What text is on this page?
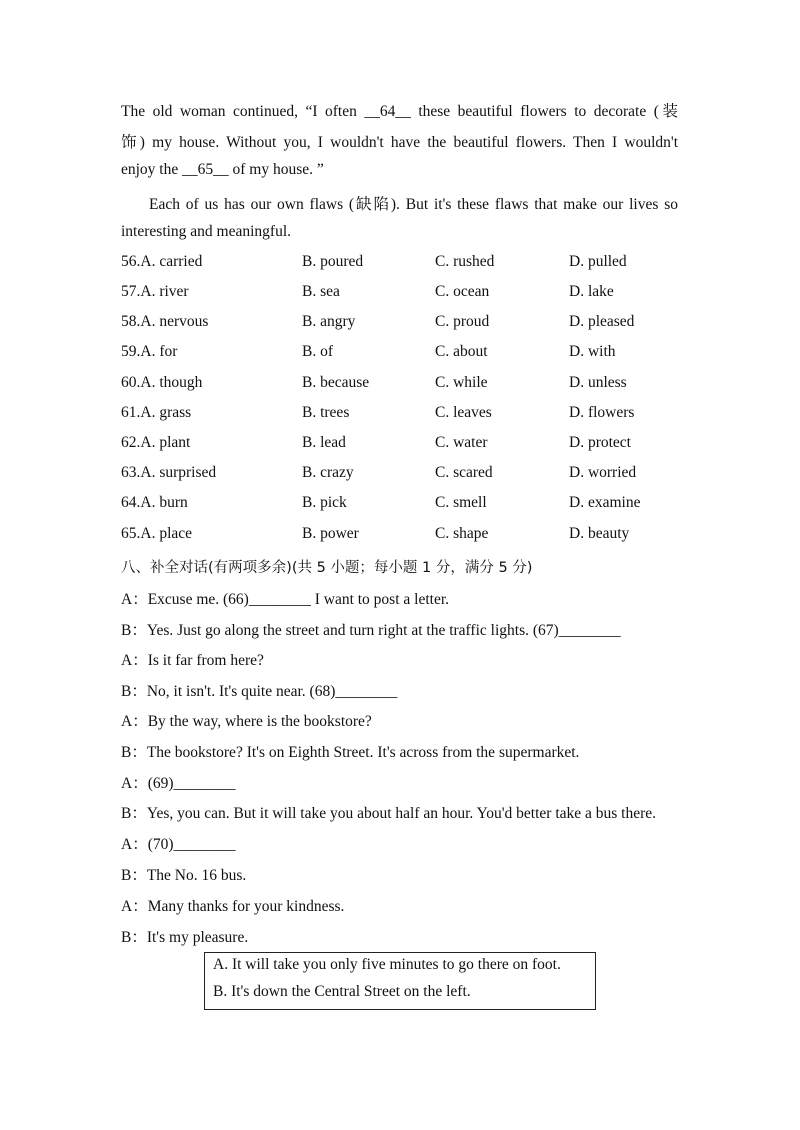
The old woman continued, “I often __64__ these beautiful flowers to decorate (装
饰) my house. Without you, I wouldn't have the beautiful flowers. Then I wouldn't
enjoy the __65__ of my house. ”
Each of us has our own flaws (缺陷). But it's these flaws that make our lives so
interesting and meaningful.
56.A. carried	B. poured	C. rushed	D. pulled
57.A. river	B. sea	C. ocean	D. lake
58.A. nervous	B. angry	C. proud	D. pleased
59.A. for	B. of	C. about	D. with
60.A. though	B. because	C. while	D. unless
61.A. grass	B. trees	C. leaves	D. flowers
62.A. plant	B. lead	C. water	D. protect
63.A. surprised	B. crazy	C. scared	D. worried
64.A. burn	B. pick	C. smell	D. examine
65.A. place	B. power	C. shape	D. beauty
八、补全对话(有两项多余)(共 5 小题；每小题 1 分，满分 5 分)
A：Excuse me. (66)________ I want to post a letter.
B：Yes. Just go along the street and turn right at the traffic lights. (67)________
A：Is it far from here?
B：No, it isn't. It's quite near. (68)________
A：By the way, where is the bookstore?
B：The bookstore? It's on Eighth Street. It's across from the supermarket.
A：(69)________
B：Yes, you can. But it will take you about half an hour. You'd better take a bus there.
A：(70)________
B：The No. 16 bus.
A：Many thanks for your kindness.
B：It's my pleasure.
A. It will take you only five minutes to go there on foot.
B. It's down the Central Street on the left.
